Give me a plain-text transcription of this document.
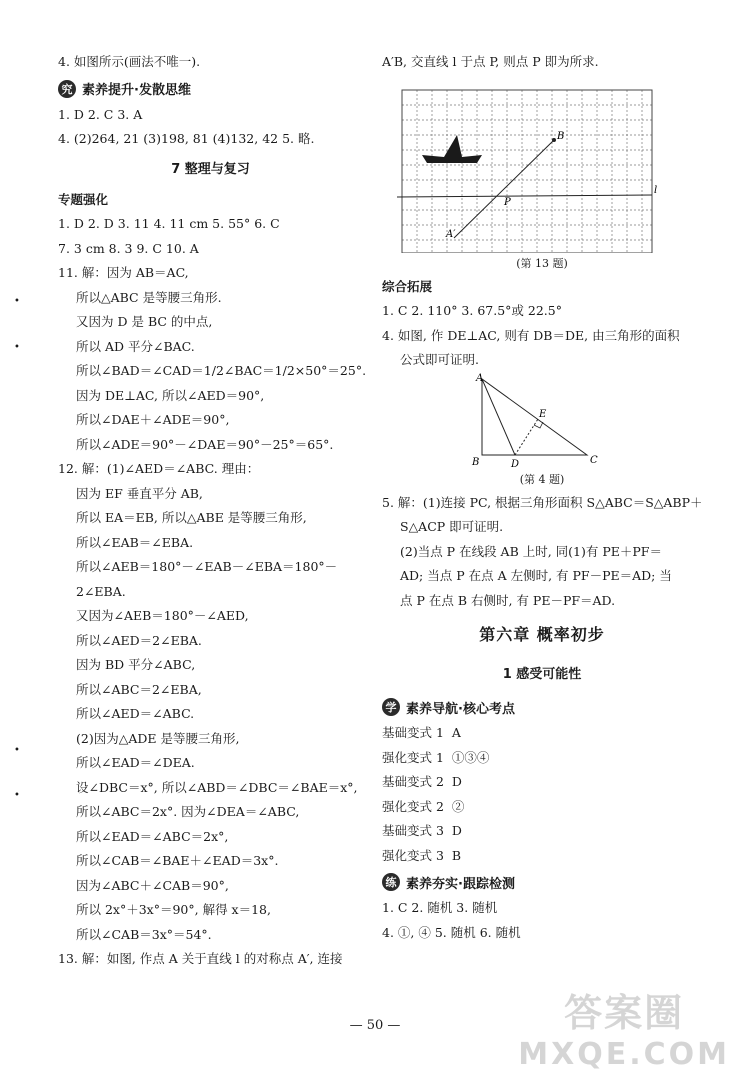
4. 如图所示(画法不唯一).
究 素养提升·发散思维
1. D 2. C 3. A
4. (2)264, 21 (3)198, 81 (4)132, 42 5. 略.
7 整理与复习
专题强化
1. D 2. D 3. 11 4. 11 cm 5. 55° 6. C
7. 3 cm 8. 3 9. C 10. A
11. 解：因为 AB＝AC,
所以△ABC 是等腰三角形.
又因为 D 是 BC 的中点,
所以 AD 平分∠BAC.
所以∠BAD＝∠CAD＝1/2∠BAC＝1/2×50°＝25°.
因为 DE⊥AC, 所以∠AED＝90°,
所以∠DAE＋∠ADE＝90°,
所以∠ADE＝90°－∠DAE＝90°－25°＝65°.
12. 解：(1)∠AED＝∠ABC. 理由：
因为 EF 垂直平分 AB,
所以 EA＝EB, 所以△ABE 是等腰三角形,
所以∠EAB＝∠EBA.
所以∠AEB＝180°－∠EAB－∠EBA＝180°－
2∠EBA.
又因为∠AEB＝180°－∠AED,
所以∠AED＝2∠EBA.
因为 BD 平分∠ABC,
所以∠ABC＝2∠EBA,
所以∠AED＝∠ABC.
(2)因为△ADE 是等腰三角形,
所以∠EAD＝∠DEA.
设∠DBC＝x°, 所以∠ABD＝∠DBC＝∠BAE＝x°,
所以∠ABC＝2x°. 因为∠DEA＝∠ABC,
所以∠EAD＝∠ABC＝2x°,
所以∠CAB＝∠BAE＋∠EAD＝3x°.
因为∠ABC＋∠CAB＝90°,
所以 2x°＋3x°＝90°, 解得 x＝18,
所以∠CAB＝3x°＝54°.
13. 解：如图, 作点 A 关于直线 l 的对称点 A′, 连接
A′B, 交直线 l 于点 P, 则点 P 即为所求.
B
P
A′
l
(第 13 题)
综合拓展
1. C 2. 110° 3. 67.5°或 22.5°
4. 如图, 作 DE⊥AC, 则有 DB＝DE, 由三角形的面积
公式即可证明.
A
B	C
D
E
(第 4 题)
5. 解：(1)连接 PC, 根据三角形面积 S△ABC＝S△ABP＋
S△ACP 即可证明.
(2)当点 P 在线段 AB 上时, 同(1)有 PE＋PF＝
AD; 当点 P 在点 A 左侧时, 有 PF－PE＝AD; 当
点 P 在点 B 右侧时, 有 PE－PF＝AD.
第六章 概率初步
1 感受可能性
学 素养导航·核心考点
基础变式 1 A
强化变式 1 ①③④
基础变式 2 D
强化变式 2 ②
基础变式 3 D
强化变式 3 B
练 素养夯实·跟踪检测
1. C 2. 随机 3. 随机
4. ①, ④ 5. 随机 6. 随机
•
•
•
•
— 50 —	答案圈
MXQE.COM
